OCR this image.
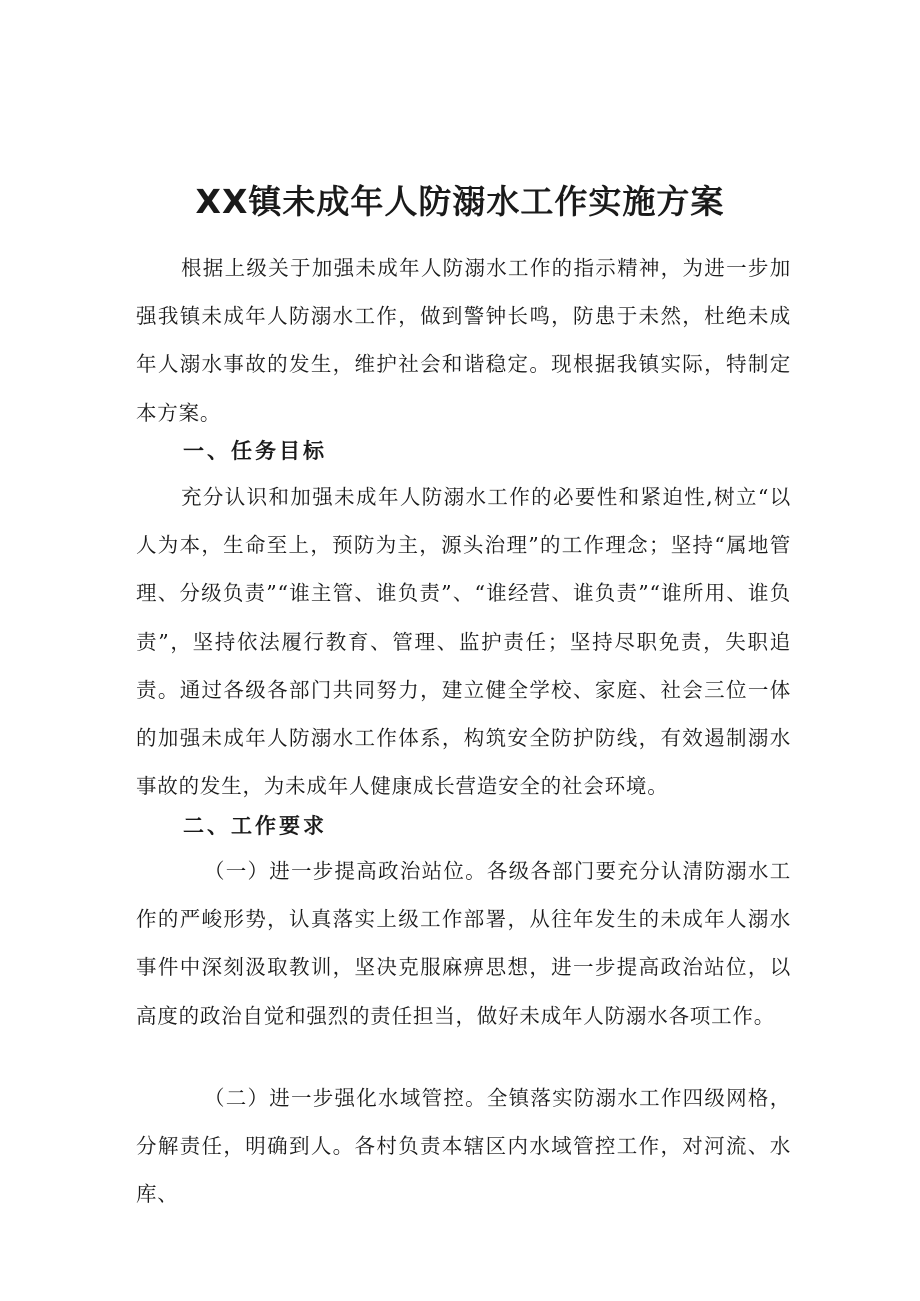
XX镇未成年人防溺水工作实施方案

根据上级关于加强未成年人防溺水工作的指示精神，为进一步加强我镇未成年人防溺水工作，做到警钟长鸣，防患于未然，杜绝未成年人溺水事故的发生，维护社会和谐稳定。现根据我镇实际，特制定本方案。

一、任务目标

充分认识和加强未成年人防溺水工作的必要性和紧迫性,树立“以人为本，生命至上，预防为主，源头治理”的工作理念；坚持“属地管理、分级负责”“谁主管、谁负责”、“谁经营、谁负责”“谁所用、谁负责”，坚持依法履行教育、管理、监护责任；坚持尽职免责，失职追责。通过各级各部门共同努力，建立健全学校、家庭、社会三位一体的加强未成年人防溺水工作体系，构筑安全防护防线，有效遏制溺水事故的发生，为未成年人健康成长营造安全的社会环境。

二、工作要求

（一）进一步提高政治站位。各级各部门要充分认清防溺水工作的严峻形势，认真落实上级工作部署，从往年发生的未成年人溺水事件中深刻汲取教训，坚决克服麻痹思想，进一步提高政治站位，以高度的政治自觉和强烈的责任担当，做好未成年人防溺水各项工作。

（二）进一步强化水域管控。全镇落实防溺水工作四级网格，分解责任，明确到人。各村负责本辖区内水域管控工作，对河流、水库、
